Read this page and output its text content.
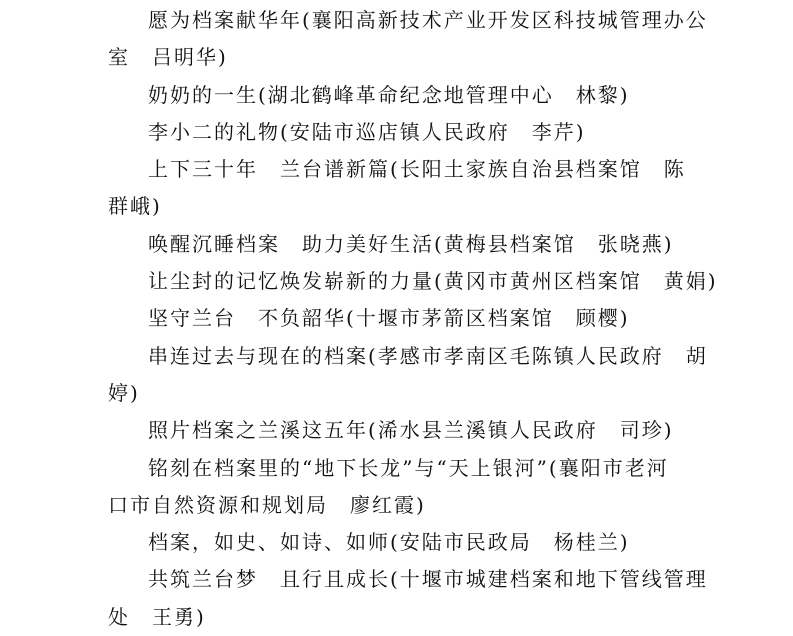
愿为档案献华年(襄阳高新技术产业开发区科技城管理办公

室　吕明华)

奶奶的一生(湖北鹤峰革命纪念地管理中心　林黎)

李小二的礼物(安陆市巡店镇人民政府　李芹)

上下三十年　兰台谱新篇(长阳土家族自治县档案馆　陈

群峨)

唤醒沉睡档案　助力美好生活(黄梅县档案馆　张晓燕)

让尘封的记忆焕发崭新的力量(黄冈市黄州区档案馆　黄娟)

坚守兰台　不负韶华(十堰市茅箭区档案馆　顾樱)

串连过去与现在的档案(孝感市孝南区毛陈镇人民政府　胡

婷)

照片档案之兰溪这五年(浠水县兰溪镇人民政府　司珍)

铭刻在档案里的“地下长龙”与“天上银河”(襄阳市老河

口市自然资源和规划局　廖红霞)

档案，如史、如诗、如师(安陆市民政局　杨桂兰)

共筑兰台梦　且行且成长(十堰市城建档案和地下管线管理

处　王勇)
